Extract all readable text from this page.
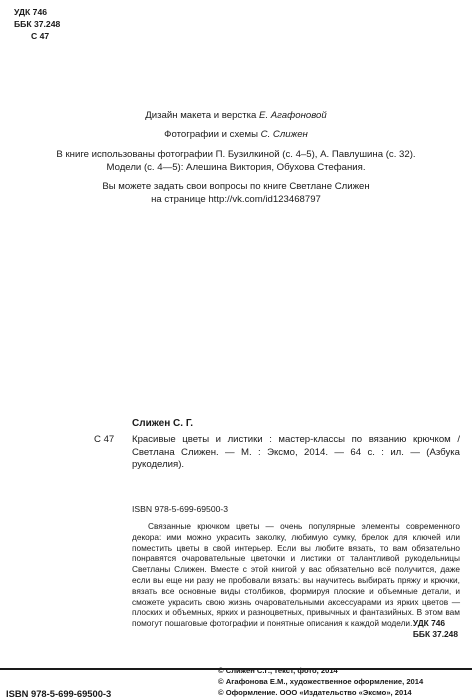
УДК 746
ББК 37.248
С 47

Дизайн макета и верстка Е. Агафоновой

Фотографии и схемы С. Слижен

В книге использованы фотографии П. Бузилкиной (с. 4–5), А. Павлушина (с. 32).

Модели (с. 4—5): Алешина Виктория, Обухова Стефания.

Вы можете задать свои вопросы по книге Светлане Слижен

на странице http://vk.com/id123468797

Слижен С. Г.
С 47 Красивые цветы и листики : мастер-классы по вязанию крючком / Светлана Слижен. — М. : Эксмо, 2014. — 64 с. : ил. — (Азбука рукоделия).
ISBN 978-5-699-69500-3

Связанные крючком цветы — очень популярные элементы современного декора: ими можно украсить заколку, любимую сумку, брелок для ключей или поместить цветы в свой интерьер. Если вы любите вязать, то вам обязательно понравятся очаровательные цветочки и листики от талантливой рукодельницы Светланы Слижен. Вместе с этой книгой у вас обязательно всё получится, даже если вы еще ни разу не пробовали вязать: вы научитесь выбирать пряжу и крючки, вязать все основные виды столбиков, формируя плоские и объемные детали, и сможете украсить свою жизнь очаровательными аксессуарами из ярких цветов — плоских и объемных, ярких и разноцветных, привычных и фантазийных. В этом вам помогут пошаговые фотографии и понятные описания к каждой модели. УДК 746
ББК 37.248
© Слижен С.Г., текст, фото, 2014
© Агафонова Е.М., художественное оформление, 2014
© Оформление. ООО «Издательство «Эксмо», 2014
ISBN 978-5-699-69500-3
